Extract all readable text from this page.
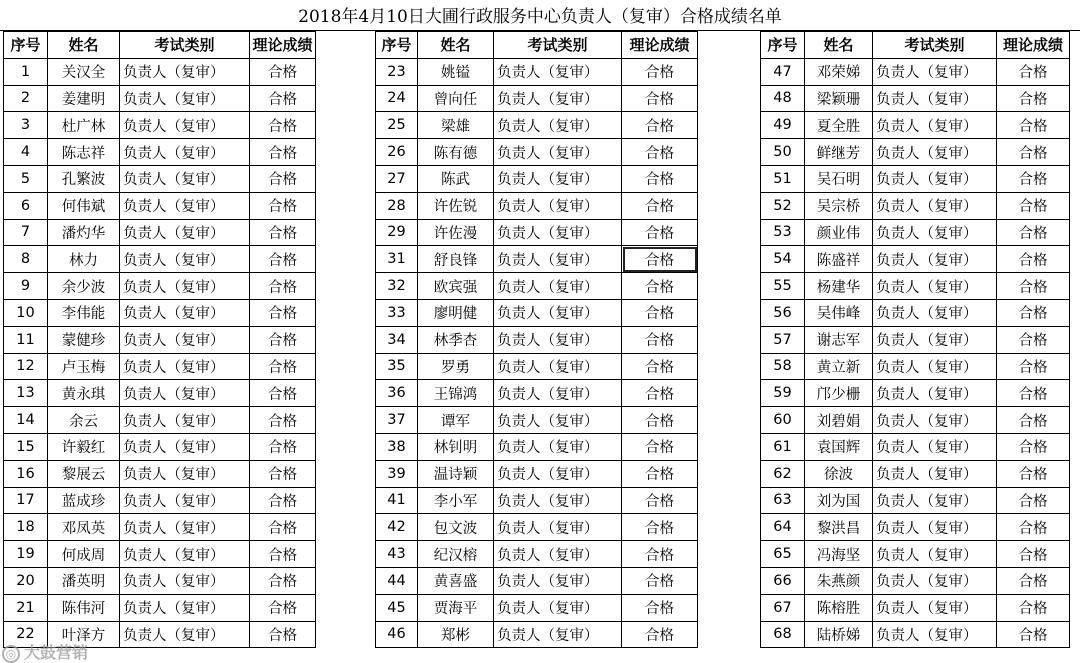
2018年4月10日大圃行政服务中心负责人（复审）合格成绩名单
序号	姓名	考试类别	理论成绩
1	关汉全	负责人（复审）	合格
2	姜建明	负责人（复审）	合格
3	杜广林	负责人（复审）	合格
4	陈志祥	负责人（复审）	合格
5	孔繁波	负责人（复审）	合格
6	何伟斌	负责人（复审）	合格
7	潘灼华	负责人（复审）	合格
8	林力	负责人（复审）	合格
9	余少波	负责人（复审）	合格
10	李伟能	负责人（复审）	合格
11	蒙健珍	负责人（复审）	合格
12	卢玉梅	负责人（复审）	合格
13	黄永琪	负责人（复审）	合格
14	余云	负责人（复审）	合格
15	许毅红	负责人（复审）	合格
16	黎展云	负责人（复审）	合格
17	蓝成珍	负责人（复审）	合格
18	邓凤英	负责人（复审）	合格
19	何成周	负责人（复审）	合格
20	潘英明	负责人（复审）	合格
21	陈伟河	负责人（复审）	合格
22	叶泽方	负责人（复审）	合格
序号	姓名	考试类别	理论成绩
23	姚镒	负责人（复审）	合格
24	曾向任	负责人（复审）	合格
25	梁雄	负责人（复审）	合格
26	陈有德	负责人（复审）	合格
27	陈武	负责人（复审）	合格
28	许佐锐	负责人（复审）	合格
29	许佐漫	负责人（复审）	合格
31	舒良锋	负责人（复审）	合格
32	欧宾强	负责人（复审）	合格
33	廖明健	负责人（复审）	合格
34	林季杏	负责人（复审）	合格
35	罗勇	负责人（复审）	合格
36	王锦鸿	负责人（复审）	合格
37	谭军	负责人（复审）	合格
38	林钊明	负责人（复审）	合格
39	温诗颖	负责人（复审）	合格
41	李小军	负责人（复审）	合格
42	包文波	负责人（复审）	合格
43	纪汉榕	负责人（复审）	合格
44	黄喜盛	负责人（复审）	合格
45	贾海平	负责人（复审）	合格
46	郑彬	负责人（复审）	合格
序号	姓名	考试类别	理论成绩
47	邓荣娣	负责人（复审）	合格
48	梁颖珊	负责人（复审）	合格
49	夏全胜	负责人（复审）	合格
50	鲜继芳	负责人（复审）	合格
51	吴石明	负责人（复审）	合格
52	吴宗桥	负责人（复审）	合格
53	颜业伟	负责人（复审）	合格
54	陈盛祥	负责人（复审）	合格
55	杨建华	负责人（复审）	合格
56	吴伟峰	负责人（复审）	合格
57	谢志军	负责人（复审）	合格
58	黄立新	负责人（复审）	合格
59	邝少栅	负责人（复审）	合格
60	刘碧娟	负责人（复审）	合格
61	袁国辉	负责人（复审）	合格
62	徐波	负责人（复审）	合格
63	刘为国	负责人（复审）	合格
64	黎洪昌	负责人（复审）	合格
65	冯海坚	负责人（复审）	合格
66	朱燕颜	负责人（复审）	合格
67	陈榕胜	负责人（复审）	合格
68	陆桥娣	负责人（复审）	合格
◎ 大鼓营销
